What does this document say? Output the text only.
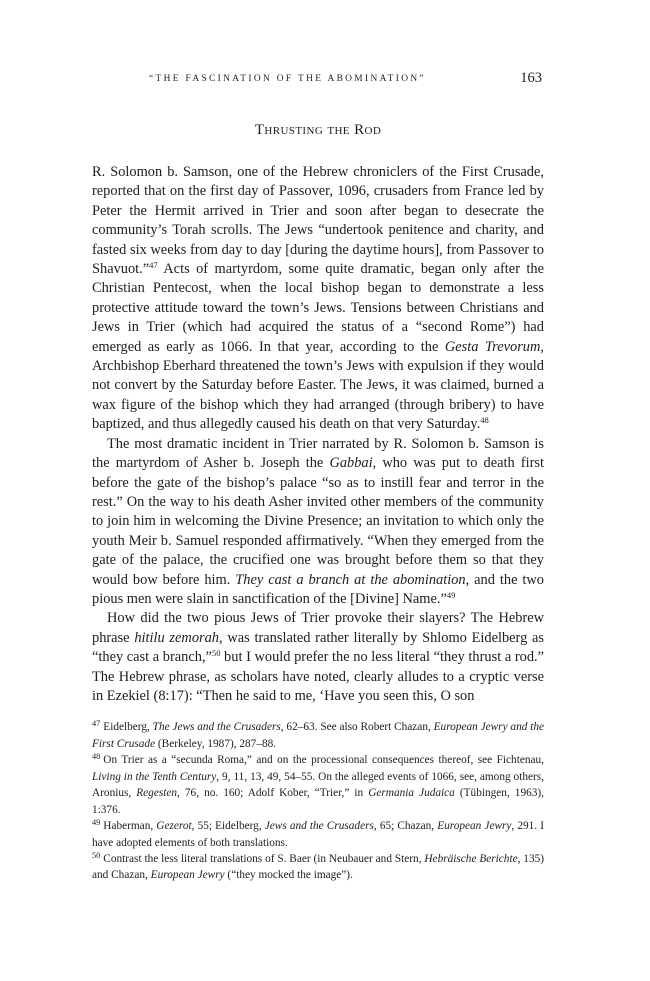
“THE FASCINATION OF THE ABOMINATION”	163
Thrusting the Rod

R. Solomon b. Samson, one of the Hebrew chroniclers of the First Crusade, reported that on the first day of Passover, 1096, crusaders from France led by Peter the Hermit arrived in Trier and soon after began to desecrate the community’s Torah scrolls. The Jews “undertook penitence and charity, and fasted six weeks from day to day [during the daytime hours], from Passover to Shavuot.”$^{47}$ Acts of martyrdom, some quite dramatic, began only after the Christian Pentecost, when the local bishop began to demonstrate a less protective attitude toward the town’s Jews. Tensions between Christians and Jews in Trier (which had acquired the status of a “second Rome”) had emerged as early as 1066. In that year, according to the Gesta Trevorum, Archbishop Eberhard threatened the town’s Jews with expulsion if they would not convert by the Saturday before Easter. The Jews, it was claimed, burned a wax figure of the bishop which they had arranged (through bribery) to have baptized, and thus allegedly caused his death on that very Saturday.$^{48}$

The most dramatic incident in Trier narrated by R. Solomon b. Samson is the martyrdom of Asher b. Joseph the Gabbai, who was put to death first before the gate of the bishop’s palace “so as to instill fear and terror in the rest.” On the way to his death Asher invited other members of the community to join him in welcoming the Divine Presence; an invitation to which only the youth Meir b. Samuel responded affirmatively. “When they emerged from the gate of the palace, the crucified one was brought before them so that they would bow before him. They cast a branch at the abomination, and the two pious men were slain in sanctification of the [Divine] Name.”$^{49}$

How did the two pious Jews of Trier provoke their slayers? The Hebrew phrase hitilu zemorah, was translated rather literally by Shlomo Eidelberg as “they cast a branch,”$^{50}$ but I would prefer the no less literal “they thrust a rod.” The Hebrew phrase, as scholars have noted, clearly alludes to a cryptic verse in Ezekiel (8:17): “Then he said to me, ‘Have you seen this, O son

$^{47}$ Eidelberg, The Jews and the Crusaders, 62–63. See also Robert Chazan, European Jewry and the First Crusade (Berkeley, 1987), 287–88.

$^{48}$ On Trier as a “secunda Roma,” and on the processional consequences thereof, see Fichtenau, Living in the Tenth Century, 9, 11, 13, 49, 54–55. On the alleged events of 1066, see, among others, Aronius, Regesten, 76, no. 160; Adolf Kober, “Trier,” in Germania Judaica (Tübingen, 1963), 1:376.

$^{49}$ Haberman, Gezerot, 55; Eidelberg, Jews and the Crusaders, 65; Chazan, European Jewry, 291. I have adopted elements of both translations.

$^{50}$ Contrast the less literal translations of S. Baer (in Neubauer and Stern, Hebräische Berichte, 135) and Chazan, European Jewry (“they mocked the image”).
